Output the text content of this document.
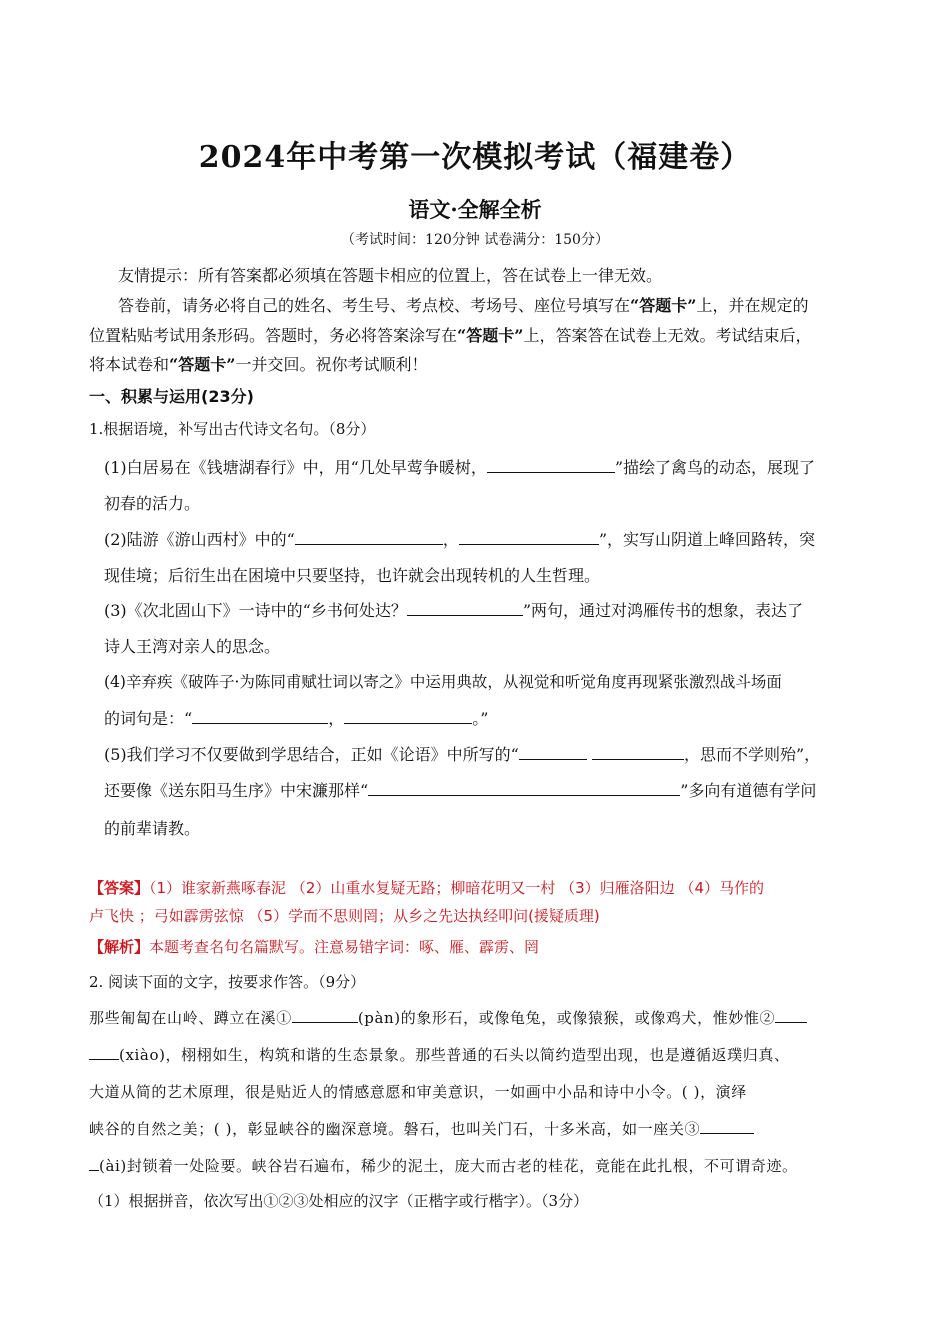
2024年中考第一次模拟考试（福建卷）
语文·全解全析
（考试时间：120分钟 试卷满分：150分）
友情提示：所有答案都必须填在答题卡相应的位置上，答在试卷上一律无效。
答卷前，请务必将自己的姓名、考生号、考点校、考场号、座位号填写在“答题卡”上，并在规定的
位置粘贴考试用条形码。答题时，务必将答案涂写在“答题卡”上，答案答在试卷上无效。考试结束后，
将本试卷和“答题卡”一并交回。祝你考试顺利！
一、积累与运用(23分)
1.根据语境，补写出古代诗文名句。（8分）
(1)白居易在《钱塘湖春行》中，用“几处早莺争暖树，	”描绘了禽鸟的动态，展现了
初春的活力。
(2)陆游《游山西村》中的“	，	”，实写山阴道上峰回路转，突
现佳境；后衍生出在困境中只要坚持，也许就会出现转机的人生哲理。
(3)《次北固山下》一诗中的“乡书何处达？	”两句，通过对鸿雁传书的想象，表达了
诗人王湾对亲人的思念。
(4)辛弃疾《破阵子·为陈同甫赋壮词以寄之》中运用典故，从视觉和听觉角度再现紧张激烈战斗场面
的词句是：“	，	。”
(5)我们学习不仅要做到学思结合，正如《论语》中所写的“	，思而不学则殆”，
还要像《送东阳马生序》中宋濂那样“	”多向有道德有学问
的前辈请教。
【答案】（1）谁家新燕啄春泥 （2）山重水复疑无路；柳暗花明又一村 （3）归雁洛阳边 （4）马作的
卢飞快 ；弓如霹雳弦惊 （5）学而不思则罔；从乡之先达执经叩问(援疑质理)
【解析】本题考查名句名篇默写。注意易错字词：啄、雁、霹雳、罔
2. 阅读下面的文字，按要求作答。（9分）
那些匍匐在山岭、蹲立在溪①	(pàn)的象形石，或像龟兔，或像猿猴，或像鸡犬，惟妙惟②
(xiào)，栩栩如生，构筑和谐的生态景象。那些普通的石头以简约造型出现，也是遵循返璞归真、
大道从简的艺术原理，很是贴近人的情感意愿和审美意识，一如画中小品和诗中小令。( )，演绎
峡谷的自然之美；( )，彰显峡谷的幽深意境。磐石，也叫关门石，十多米高，如一座关③
(ài)封锁着一处险要。峡谷岩石遍布，稀少的泥土，庞大而古老的桂花，竟能在此扎根，不可谓奇迹。
（1）根据拼音，依次写出①②③处相应的汉字（正楷字或行楷字）。（3分）
